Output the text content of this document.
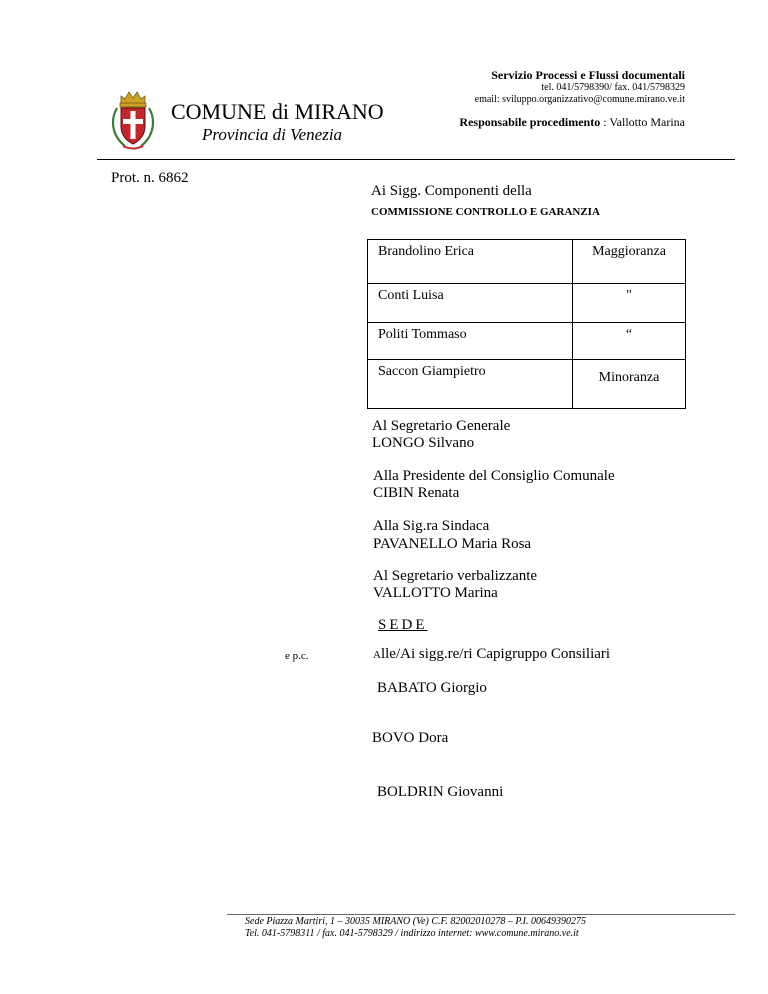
Servizio Processi e Flussi documentali
tel. 041/5798390/ fax. 041/5798329
email: sviluppo.organizzativo@comune.mirano.ve.it
Responsabile procedimento : Vallotto Marina
COMUNE di MIRANO
Provincia di Venezia
Prot. n. 6862
Ai Sigg. Componenti della
COMMISSIONE CONTROLLO E GARANZIA
Brandolino Erica	Maggioranza
Conti Luisa	"
Politi Tommaso	“
Saccon Giampietro	Minoranza
Al Segretario Generale
LONGO Silvano
Alla Presidente del Consiglio Comunale
CIBIN Renata
Alla Sig.ra Sindaca
PAVANELLO Maria Rosa
Al Segretario verbalizzante
VALLOTTO Marina
SEDE
e p.c.	Alle/Ai sigg.re/ri Capigruppo Consiliari
BABATO Giorgio
BOVO Dora
BOLDRIN Giovanni
Sede Piazza Martiri, 1 – 30035 MIRANO (Ve) C.F. 82002010278 – P.I. 00649390275
Tel. 041-5798311 / fax. 041-5798329 / indirizzo internet: www.comune.mirano.ve.it
